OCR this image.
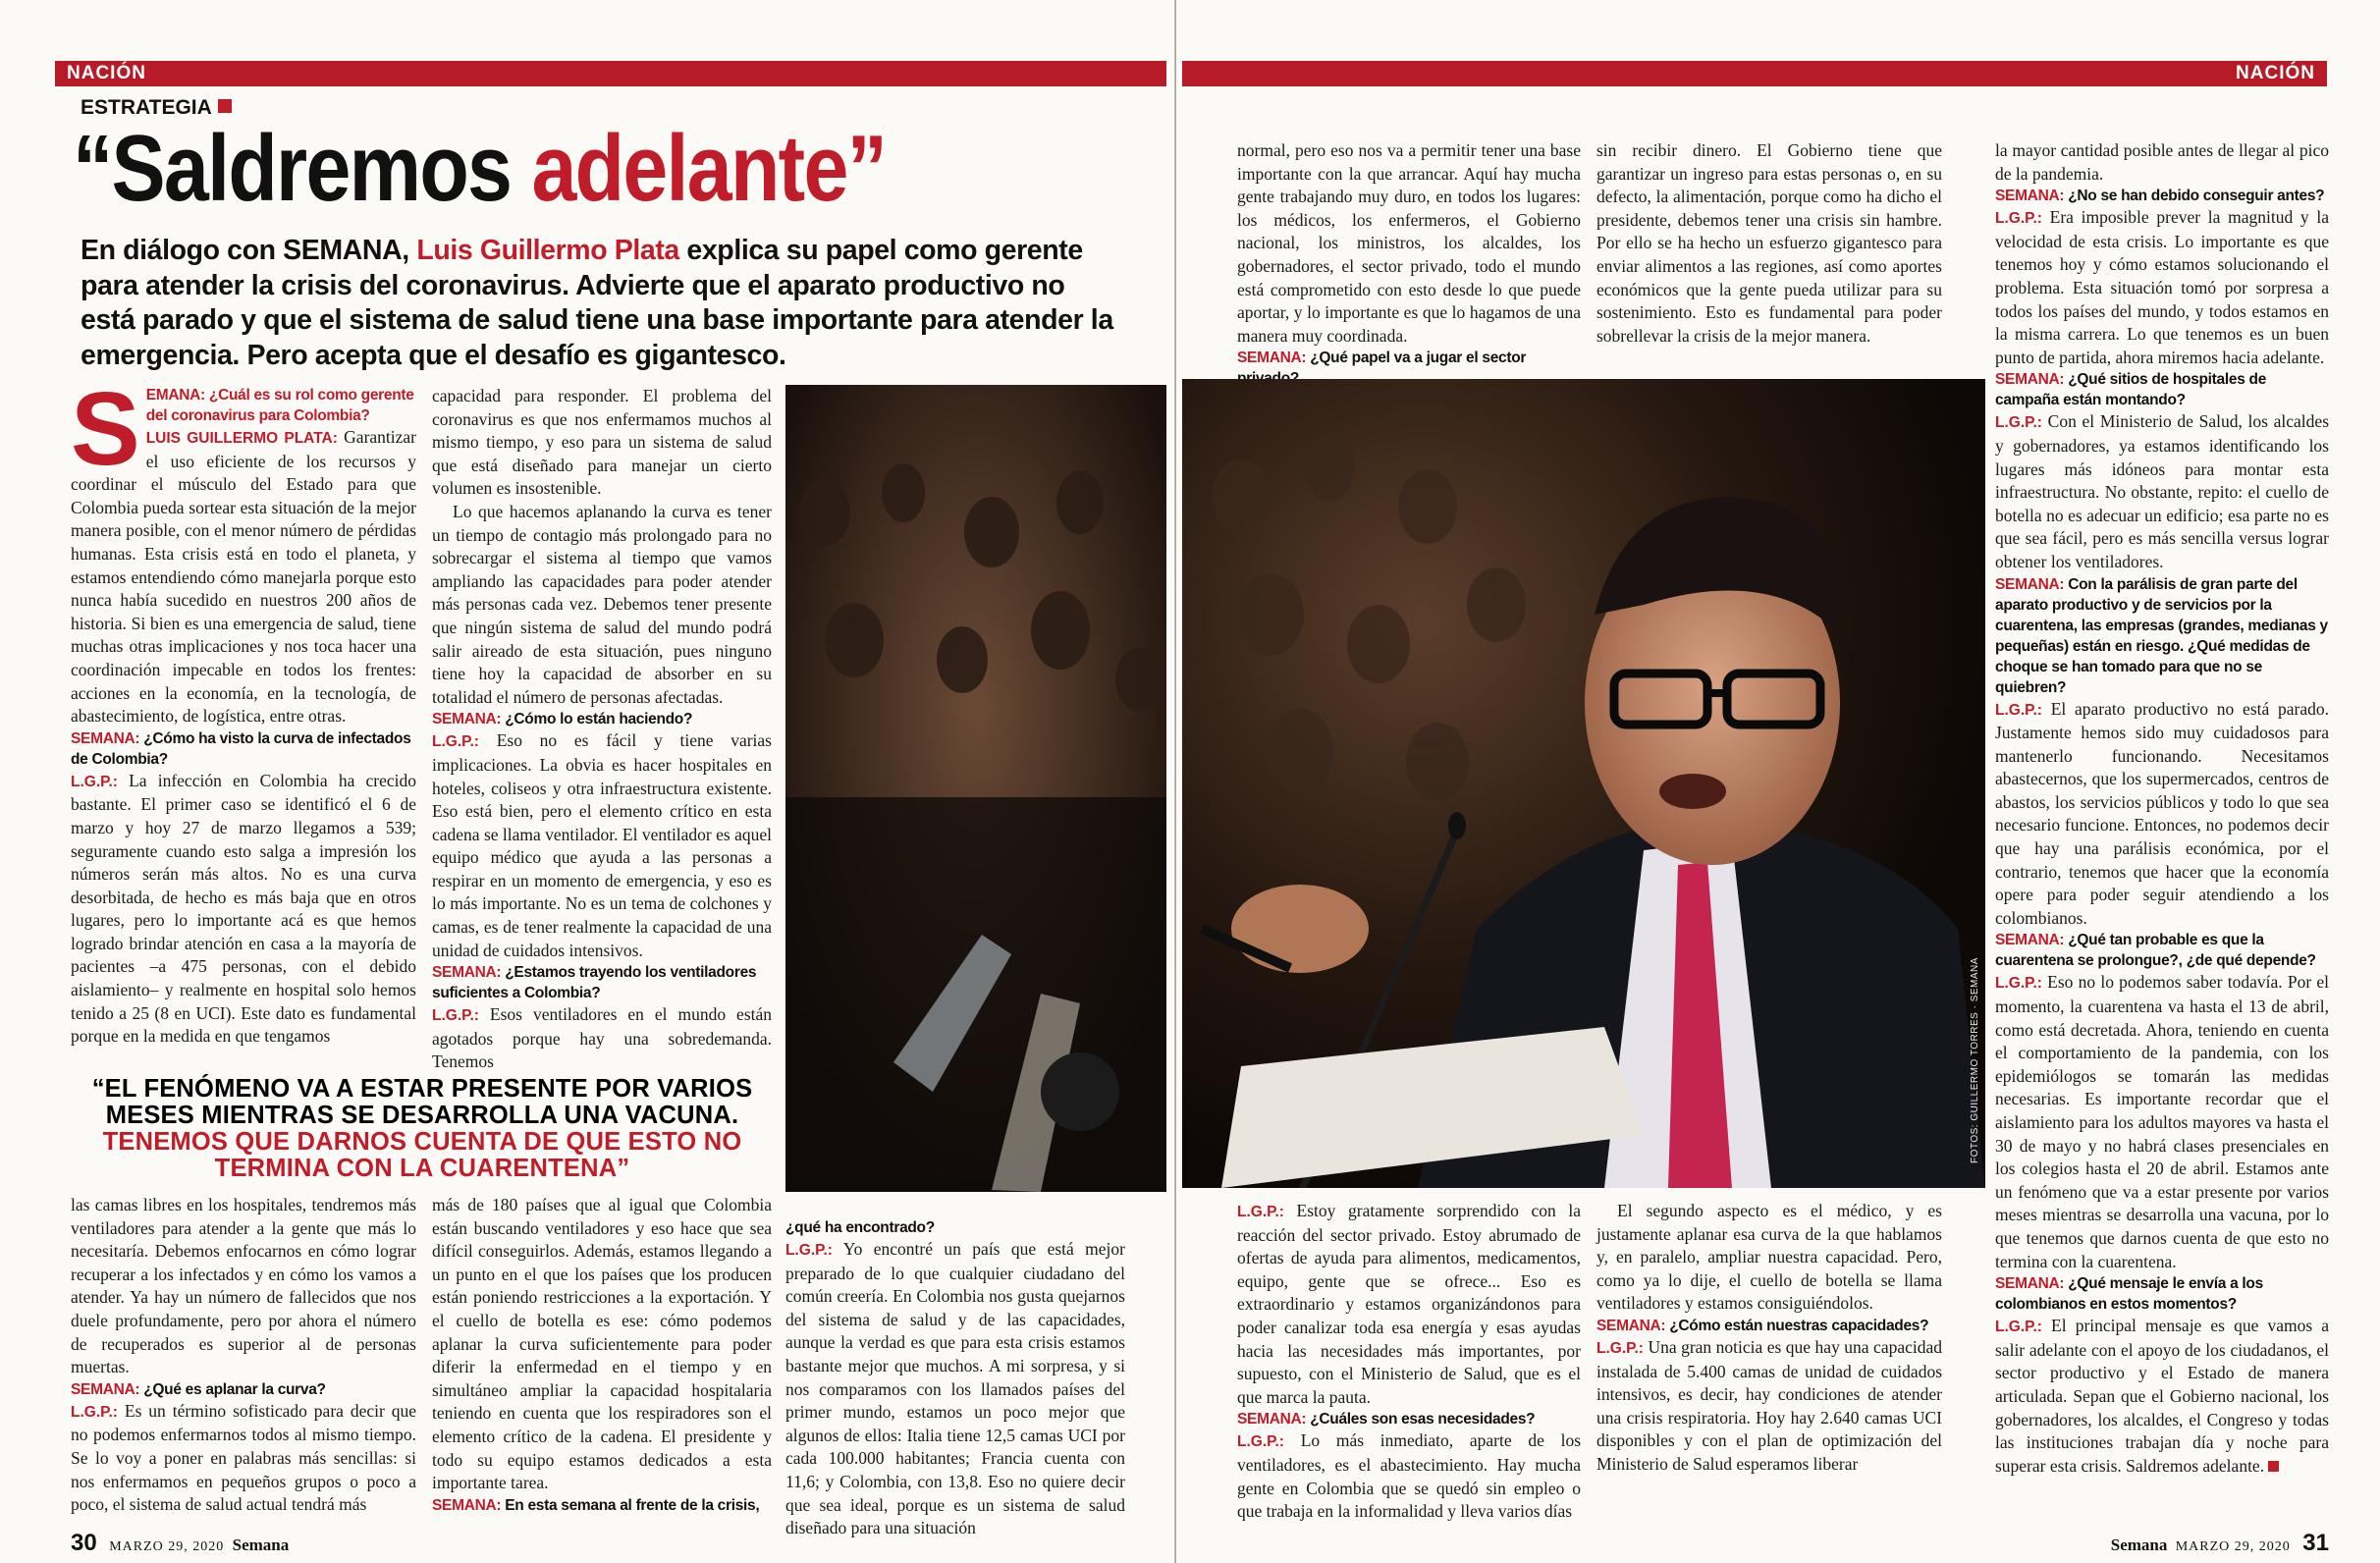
NACIÓN
ESTRATEGIA
“Saldremos adelante”
En diálogo con SEMANA, Luis Guillermo Plata explica su papel como gerente para atender la crisis del coronavirus. Advierte que el aparato productivo no está parado y que el sistema de salud tiene una base importante para atender la emergencia. Pero acepta que el desafío es gigantesco.
S EMANA: ¿Cuál es su rol como gerente del coronavirus para Colombia?

LUIS GUILLERMO PLATA: Garantizar el uso eficiente de los recursos y coordinar el músculo del Estado para que Colombia pueda sortear esta situación de la mejor manera posible, con el menor número de pérdidas humanas. Esta crisis está en todo el planeta, y estamos entendiendo cómo manejarla porque esto nunca había sucedido en nuestros 200 años de historia. Si bien es una emergencia de salud, tiene muchas otras implicaciones y nos toca hacer una coordinación impecable en todos los frentes: acciones en la economía, en la tecnología, de abastecimiento, de logística, entre otras.

SEMANA: ¿Cómo ha visto la curva de infectados de Colombia?

L.G.P.: La infección en Colombia ha crecido bastante. El primer caso se identificó el 6 de marzo y hoy 27 de marzo llegamos a 539; seguramente cuando esto salga a impresión los números serán más altos. No es una curva desorbitada, de hecho es más baja que en otros lugares, pero lo importante acá es que hemos logrado brindar atención en casa a la mayoría de pacientes –a 475 personas, con el debido aislamiento– y realmente en hospital solo hemos tenido a 25 (8 en UCI). Este dato es fundamental porque en la medida en que tengamos

capacidad para responder. El problema del coronavirus es que nos enfermamos muchos al mismo tiempo, y eso para un sistema de salud que está diseñado para manejar un cierto volumen es insostenible.

Lo que hacemos aplanando la curva es tener un tiempo de contagio más prolongado para no sobrecargar el sistema al tiempo que vamos ampliando las capacidades para poder atender más personas cada vez. Debemos tener presente que ningún sistema de salud del mundo podrá salir aireado de esta situación, pues ninguno tiene hoy la capacidad de absorber en su totalidad el número de personas afectadas.

SEMANA: ¿Cómo lo están haciendo?

L.G.P.: Eso no es fácil y tiene varias implicaciones. La obvia es hacer hospitales en hoteles, coliseos y otra infraestructura existente. Eso está bien, pero el elemento crítico en esta cadena se llama ventilador. El ventilador es aquel equipo médico que ayuda a las personas a respirar en un momento de emergencia, y eso es lo más importante. No es un tema de colchones y camas, es de tener realmente la capacidad de una unidad de cuidados intensivos.

SEMANA: ¿Estamos trayendo los ventiladores suficientes a Colombia?

L.G.P.: Esos ventiladores en el mundo están agotados porque hay una sobredemanda. Tenemos

“EL FENÓMENO VA A ESTAR PRESENTE POR VARIOS MESES MIENTRAS SE DESARROLLA UNA VACUNA.
TENEMOS QUE DARNOS CUENTA DE QUE ESTO NO TERMINA CON LA CUARENTENA”

las camas libres en los hospitales, tendremos más ventiladores para atender a la gente que más lo necesitaría. Debemos enfocarnos en cómo lograr recuperar a los infectados y en cómo los vamos a atender. Ya hay un número de fallecidos que nos duele profundamente, pero por ahora el número de recuperados es superior al de personas muertas.

SEMANA: ¿Qué es aplanar la curva?

L.G.P.: Es un término sofisticado para decir que no podemos enfermarnos todos al mismo tiempo. Se lo voy a poner en palabras más sencillas: si nos enfermamos en pequeños grupos o poco a poco, el sistema de salud actual tendrá más

más de 180 países que al igual que Colombia están buscando ventiladores y eso hace que sea difícil conseguirlos. Además, estamos llegando a un punto en el que los países que los producen están poniendo restricciones a la exportación. Y el cuello de botella es ese: cómo podemos aplanar la curva suficientemente para poder diferir la enfermedad en el tiempo y en simultáneo ampliar la capacidad hospitalaria teniendo en cuenta que los respiradores son el elemento crítico de la cadena. El presidente y todo su equipo estamos dedicados a esta importante tarea.

SEMANA: En esta semana al frente de la crisis,

¿qué ha encontrado?

L.G.P.: Yo encontré un país que está mejor preparado de lo que cualquier ciudadano del común creería. En Colombia nos gusta quejarnos del sistema de salud y de las capacidades, aunque la verdad es que para esta crisis estamos bastante mejor que muchos. A mi sorpresa, y si nos comparamos con los llamados países del primer mundo, estamos un poco mejor que algunos de ellos: Italia tiene 12,5 camas UCI por cada 100.000 habitantes; Francia cuenta con 11,6; y Colombia, con 13,8. Eso no quiere decir que sea ideal, porque es un sistema de salud diseñado para una situación

30 MARZO 29, 2020 Semana
NACIÓN

normal, pero eso nos va a permitir tener una base importante con la que arrancar. Aquí hay mucha gente trabajando muy duro, en todos los lugares: los médicos, los enfermeros, el Gobierno nacional, los ministros, los alcaldes, los gobernadores, el sector privado, todo el mundo está comprometido con esto desde lo que puede aportar, y lo importante es que lo hagamos de una manera muy coordinada.

SEMANA: ¿Qué papel va a jugar el sector

sin recibir dinero. El Gobierno tiene que garantizar un ingreso para estas personas o, en su defecto, la alimentación, porque como ha dicho el presidente, debemos tener una crisis sin hambre. Por ello se ha hecho un esfuerzo gigantesco para enviar alimentos a las regiones, así como aportes económicos que la gente pueda utilizar para su sostenimiento. Esto es fundamental para poder sobrellevar la crisis de la mejor manera.

FOTOS: GUILLERMO TORRES · SEMANA

la mayor cantidad posible antes de llegar al pico de la pandemia.

SEMANA: ¿No se han debido conseguir antes?

L.G.P.: Era imposible prever la magnitud y la velocidad de esta crisis. Lo importante es que tenemos hoy y cómo estamos solucionando el problema. Esta situación tomó por sorpresa a todos los países del mundo, y todos estamos en la misma carrera. Lo que tenemos es un buen punto de partida, ahora miremos hacia adelante.

SEMANA: ¿Qué sitios de hospitales de campaña están montando?

L.G.P.: Con el Ministerio de Salud, los alcaldes y gobernadores, ya estamos identificando los lugares más idóneos para montar esta infraestructura. No obstante, repito: el cuello de botella no es adecuar un edificio; esa parte no es que sea fácil, pero es más sencilla versus lograr obtener los ventiladores.

SEMANA: Con la parálisis de gran parte del aparato productivo y de servicios por la cuarentena, las empresas (grandes, medianas y pequeñas) están en riesgo. ¿Qué medidas de choque se han tomado para que no se quiebren?

L.G.P.: El aparato productivo no está parado. Justamente hemos sido muy cuidadosos para mantenerlo funcionando. Necesitamos abastecernos, que los supermercados, centros de abastos, los servicios públicos y todo lo que sea necesario funcione. Entonces, no podemos decir que hay una parálisis económica, por el contrario, tenemos que hacer que la economía opere para poder seguir atendiendo a los colombianos.

SEMANA: ¿Qué tan probable es que la cuarentena se prolongue?, ¿de qué depende?

L.G.P.: Eso no lo podemos saber todavía. Por el momento, la cuarentena va hasta el 13 de abril, como está decretada. Ahora, teniendo en cuenta el comportamiento de la pandemia, con los epidemiólogos se tomarán las medidas necesarias. Es importante recordar que el aislamiento para los adultos mayores va hasta el 30 de mayo y no habrá clases presenciales en los colegios hasta el 20 de abril. Estamos ante un fenómeno que va a estar presente por varios meses mientras se desarrolla una vacuna, por lo que tenemos que darnos cuenta de que esto no termina con la cuarentena.

SEMANA: ¿Qué mensaje le envía a los colombianos en estos momentos?

L.G.P.: El principal mensaje es que vamos a salir adelante con el apoyo de los ciudadanos, el sector productivo y el Estado de manera articulada. Sepan que el Gobierno nacional, los gobernadores, los alcaldes, el Congreso y todas las instituciones trabajan día y noche para superar esta crisis. Saldremos adelante.

L.G.P.: Estoy gratamente sorprendido con la reacción del sector privado. Estoy abrumado de ofertas de ayuda para alimentos, medicamentos, equipo, gente que se ofrece... Eso es extraordinario y estamos organizándonos para poder canalizar toda esa energía y esas ayudas hacia las necesidades más importantes, por supuesto, con el Ministerio de Salud, que es el que marca la pauta.

SEMANA: ¿Cuáles son esas necesidades?

L.G.P.: Lo más inmediato, aparte de los ventiladores, es el abastecimiento. Hay mucha gente en Colombia que se quedó sin empleo o que trabaja en la informalidad y lleva varios días

El segundo aspecto es el médico, y es justamente aplanar esa curva de la que hablamos y, en paralelo, ampliar nuestra capacidad. Pero, como ya lo dije, el cuello de botella se llama ventiladores y estamos consiguiéndolos.

SEMANA: ¿Cómo están nuestras capacidades?

L.G.P.: Una gran noticia es que hay una capacidad instalada de 5.400 camas de unidad de cuidados intensivos, es decir, hay condiciones de atender una crisis respiratoria. Hoy hay 2.640 camas UCI disponibles y con el plan de optimización del Ministerio de Salud esperamos liberar

Semana MARZO 29, 2020 31
